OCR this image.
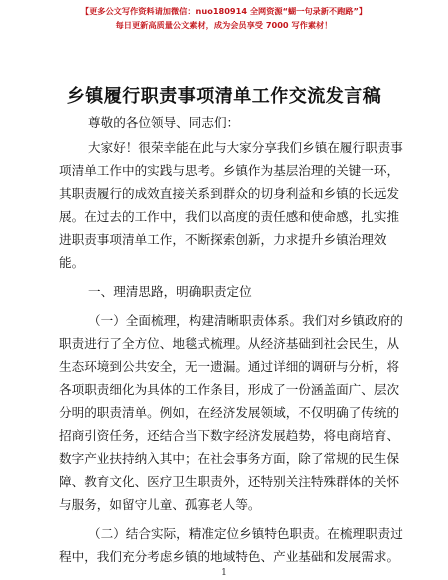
【更多公文写作资料请加微信：nuo180914 全网资源“蝴一句录新不跑路”】
每日更新高质量公文素材，成为会员享受 7000 写作素材！
乡镇履行职责事项清单工作交流发言稿
尊敬的各位领导、同志们：
大家好！很荣幸能在此与大家分享我们乡镇在履行职责事
项清单工作中的实践与思考。乡镇作为基层治理的关键一环，
其职责履行的成效直接关系到群众的切身利益和乡镇的长远发
展。在过去的工作中，我们以高度的责任感和使命感，扎实推
进职责事项清单工作，不断探索创新，力求提升乡镇治理效
能。
一、理清思路，明确职责定位
（一）全面梳理，构建清晰职责体系。我们对乡镇政府的
职责进行了全方位、地毯式梳理。从经济基础到社会民生，从
生态环境到公共安全，无一遗漏。通过详细的调研与分析，将
各项职责细化为具体的工作条目，形成了一份涵盖面广、层次
分明的职责清单。例如，在经济发展领域，不仅明确了传统的
招商引资任务，还结合当下数字经济发展趋势，将电商培育、
数字产业扶持纳入其中；在社会事务方面，除了常规的民生保
障、教育文化、医疗卫生职责外，还特别关注特殊群体的关怀
与服务，如留守儿童、孤寡老人等。
（二）结合实际，精准定位乡镇特色职责。在梳理职责过
程中，我们充分考虑乡镇的地域特色、产业基础和发展需求。
1
